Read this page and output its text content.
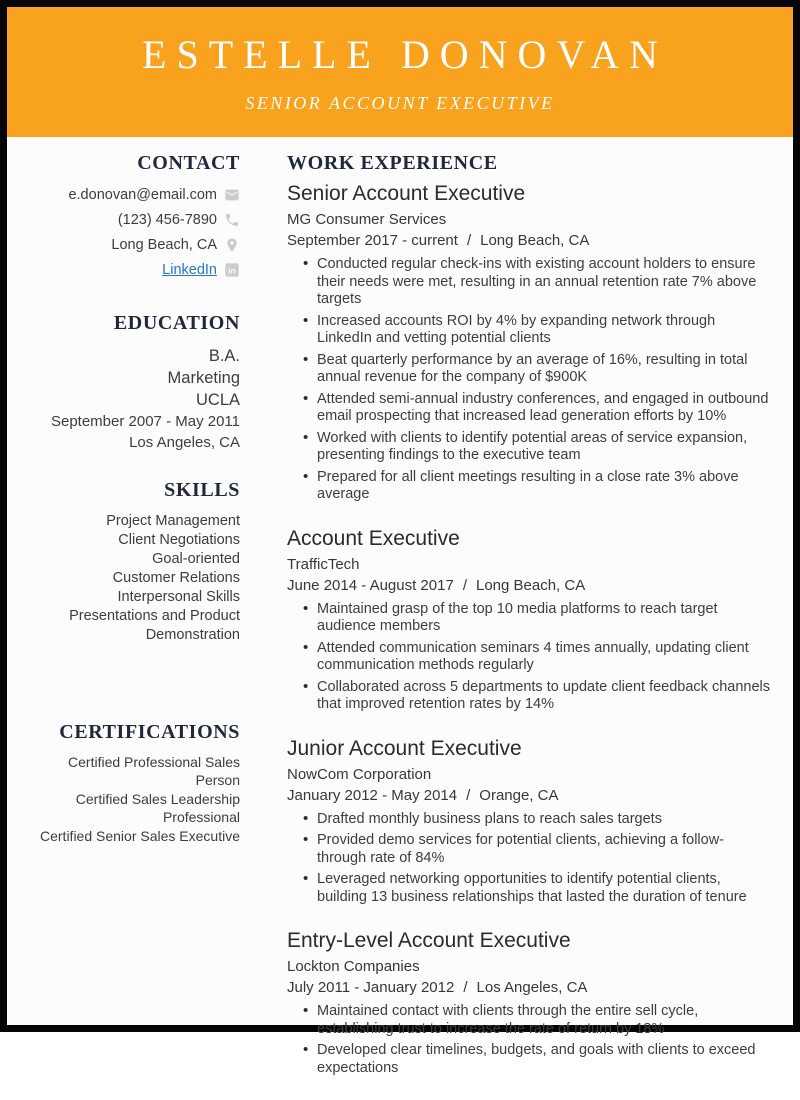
ESTELLE DONOVAN
SENIOR ACCOUNT EXECUTIVE
CONTACT
e.donovan@email.com
(123) 456-7890
Long Beach, CA
LinkedIn in
EDUCATION
B.A.
Marketing
UCLA
September 2007 - May 2011
Los Angeles, CA
SKILLS
Project Management
Client Negotiations
Goal-oriented
Customer Relations
Interpersonal Skills
Presentations and Product Demonstration
CERTIFICATIONS
Certified Professional Sales Person
Certified Sales Leadership Professional
Certified Senior Sales Executive
WORK EXPERIENCE
Senior Account Executive
MG Consumer Services
September 2017 - current / Long Beach, CA
• Conducted regular check-ins with existing account holders to ensure their needs were met, resulting in an annual retention rate 7% above targets
• Increased accounts ROI by 4% by expanding network through LinkedIn and vetting potential clients
• Beat quarterly performance by an average of 16%, resulting in total annual revenue for the company of $900K
• Attended semi-annual industry conferences, and engaged in outbound email prospecting that increased lead generation efforts by 10%
• Worked with clients to identify potential areas of service expansion, presenting findings to the executive team
• Prepared for all client meetings resulting in a close rate 3% above average
Account Executive
TrafficTech
June 2014 - August 2017 / Long Beach, CA
• Maintained grasp of the top 10 media platforms to reach target audience members
• Attended communication seminars 4 times annually, updating client communication methods regularly
• Collaborated across 5 departments to update client feedback channels that improved retention rates by 14%
Junior Account Executive
NowCom Corporation
January 2012 - May 2014 / Orange, CA
• Drafted monthly business plans to reach sales targets
• Provided demo services for potential clients, achieving a follow-through rate of 84%
• Leveraged networking opportunities to identify potential clients, building 13 business relationships that lasted the duration of tenure
Entry-Level Account Executive
Lockton Companies
July 2011 - January 2012 / Los Angeles, CA
• Maintained contact with clients through the entire sell cycle, establishing trust to increase the rate of return by 18%
• Developed clear timelines, budgets, and goals with clients to exceed expectations
